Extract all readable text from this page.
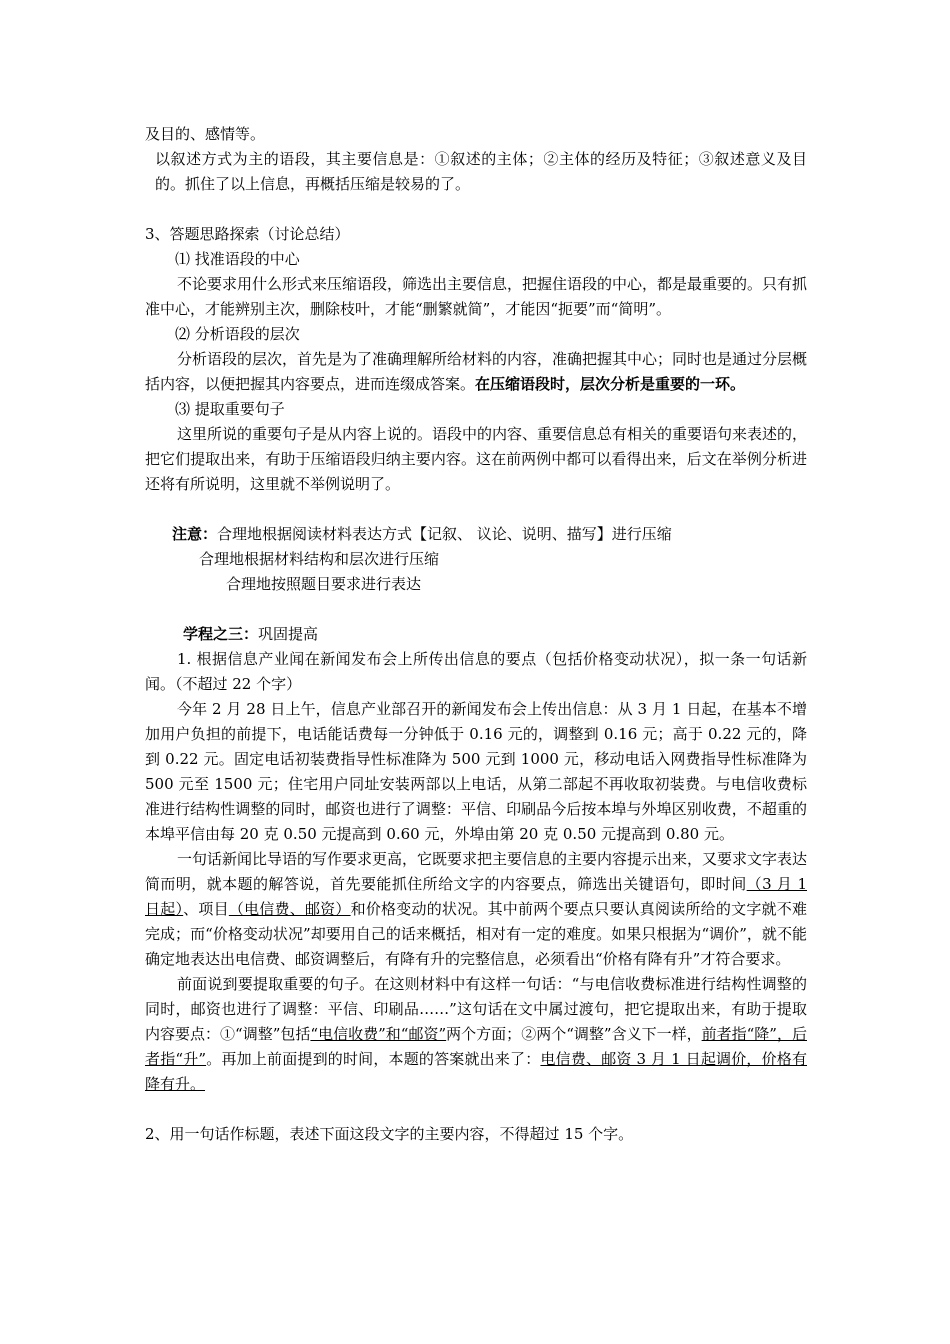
及目的、感情等。

以叙述方式为主的语段，其主要信息是：①叙述的主体；②主体的经历及特征；③叙述意义及目的。抓住了以上信息，再概括压缩是较易的了。

3、答题思路探索（讨论总结）

⑴ 找准语段的中心

不论要求用什么形式来压缩语段，筛选出主要信息，把握住语段的中心，都是最重要的。只有抓准中心，才能辨别主次，删除枝叶，才能“删繁就简”，才能因“扼要”而“简明”。

⑵ 分析语段的层次

分析语段的层次，首先是为了准确理解所给材料的内容，准确把握其中心；同时也是通过分层概括内容，以便把握其内容要点，进而连缀成答案。在压缩语段时，层次分析是重要的一环。

⑶ 提取重要句子

这里所说的重要句子是从内容上说的。语段中的内容、重要信息总有相关的重要语句来表述的，把它们提取出来，有助于压缩语段归纳主要内容。这在前两例中都可以看得出来，后文在举例分析进还将有所说明，这里就不举例说明了。

注意：合理地根据阅读材料表达方式【记叙、 议论、说明、描写】进行压缩

合理地根据材料结构和层次进行压缩

合理地按照题目要求进行表达

学程之三：巩固提高

1. 根据信息产业闻在新闻发布会上所传出信息的要点（包括价格变动状况），拟一条一句话新闻。（不超过 22 个字）

今年 2 月 28 日上午，信息产业部召开的新闻发布会上传出信息：从 3 月 1 日起，在基本不增加用户负担的前提下，电话能话费每一分钟低于 0.16 元的，调整到 0.16 元；高于 0.22 元的，降到 0.22 元。固定电话初装费指导性标准降为 500 元到 1000 元，移动电话入网费指导性标准降为 500 元至 1500 元；住宅用户同址安装两部以上电话，从第二部起不再收取初装费。与电信收费标准进行结构性调整的同时，邮资也进行了调整：平信、印刷品今后按本埠与外埠区别收费，不超重的本埠平信由每 20 克 0.50 元提高到 0.60 元，外埠由第 20 克 0.50 元提高到 0.80 元。

一句话新闻比导语的写作要求更高，它既要求把主要信息的主要内容提示出来，又要求文字表达简而明，就本题的解答说，首先要能抓住所给文字的内容要点，筛选出关键语句，即时间（3 月 1 日起）、项目（电信费、邮资）和价格变动的状况。其中前两个要点只要认真阅读所给的文字就不难完成；而“价格变动状况”却要用自己的话来概括，相对有一定的难度。如果只根据为“调价”，就不能确定地表达出电信费、邮资调整后，有降有升的完整信息，必须看出“价格有降有升”才符合要求。

前面说到要提取重要的句子。在这则材料中有这样一句话：“与电信收费标准进行结构性调整的同时，邮资也进行了调整：平信、印刷品……”这句话在文中属过渡句，把它提取出来，有助于提取内容要点：①“调整”包括“电信收费”和“邮资”两个方面；②两个“调整”含义下一样，前者指“降”，后者指“升”。再加上前面提到的时间，本题的答案就出来了：电信费、邮资 3 月 1 日起调价，价格有降有升。

2、用一句话作标题，表述下面这段文字的主要内容，不得超过 15 个字。
